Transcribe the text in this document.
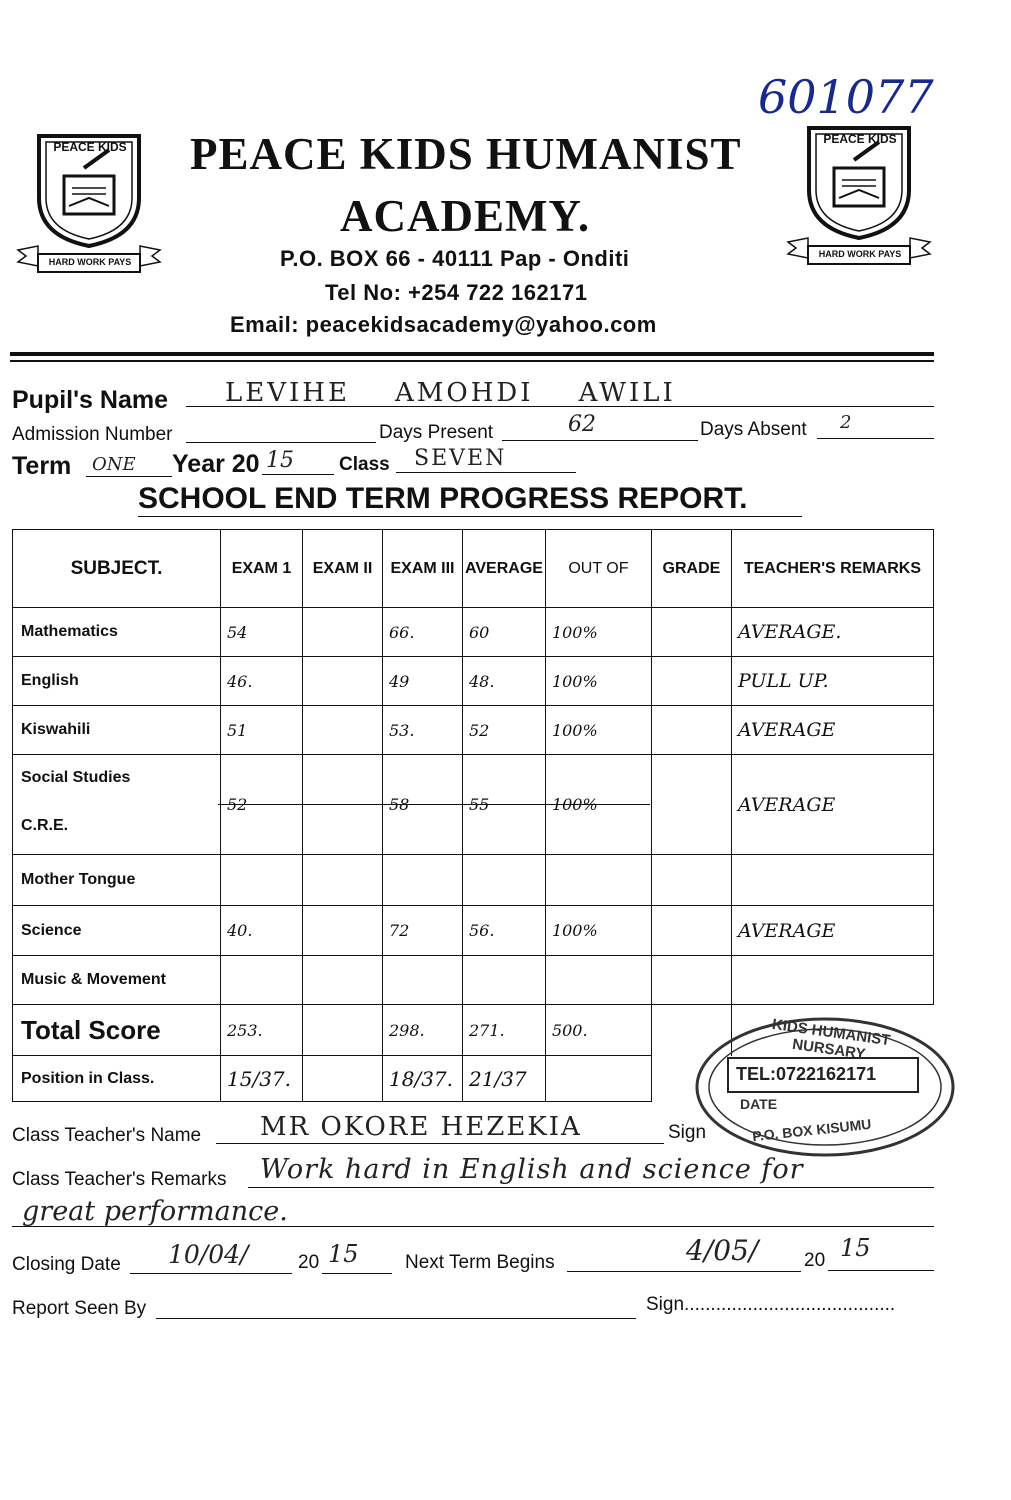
601077
PEACE KIDS
HARD WORK PAYS
PEACE KIDS
HARD WORK PAYS
PEACE KIDS HUMANIST
ACADEMY.
P.O. BOX 66 - 40111 Pap - Onditi
Tel No: +254 722 162171
Email: peacekidsacademy@yahoo.com
Pupil's Name LEVIHE    AMOHDI    AWILI
Admission Number	Days Present	62	Days Absent 2
Term ONE Year 20 15 Class SEVEN
SCHOOL END TERM PROGRESS REPORT.
SUBJECT.	EXAM 1	EXAM II	EXAM III	AVERAGE	OUT OF	GRADE	TEACHER'S REMARKS
Mathematics	54		66.	60	100%		AVERAGE.
English	46.		49	48.	100%		PULL UP.
Kiswahili	51		53.	52	100%		AVERAGE

Social Studies
C.R.E.	52		58	55	100%		AVERAGE
Mother Tongue							
Science	40.		72	56.	100%		AVERAGE
Music & Movement							
Total Score	253.		298.	271.	500.		
Position in Class.	15/37.		18/37.	21/37			
KIDS HUMANIST NURSARY
TEL:0722162171
DATE
P.O. BOX KISUMU
Class Teacher's Name MR OKORE HEZEKIA	Sign
Class Teacher's Remarks Work hard in English and science for
great performance.
Closing Date 10/04/	20 15 Next Term Begins	4/05/ 20 15
Report Seen By	Sign........................................
